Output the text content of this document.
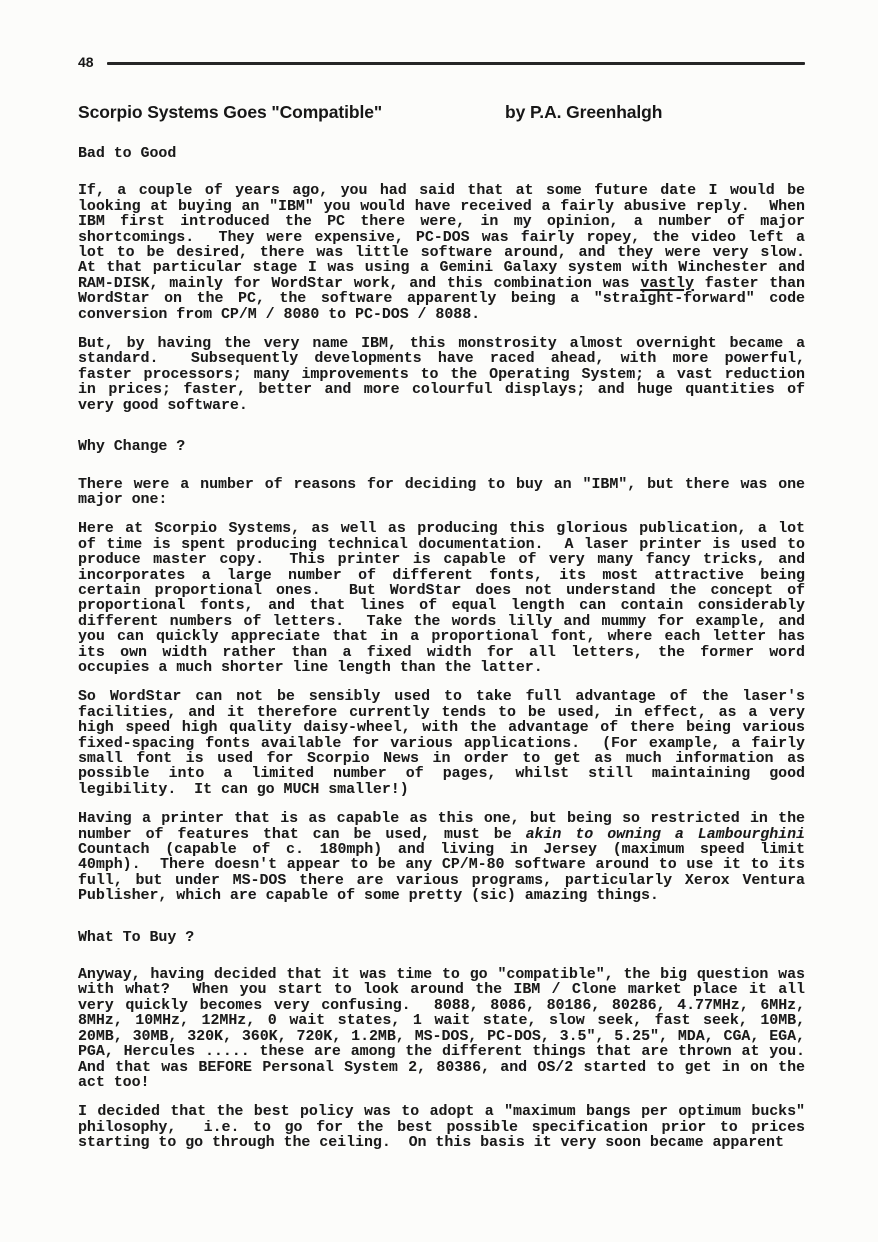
48
Scorpio Systems Goes "Compatible"	by P.A. Greenhalgh
Bad to Good
If, a couple of years ago, you had said that at some future date I would be
looking at buying an "IBM" you would have received a fairly abusive reply.  When
IBM first introduced the PC there were, in my opinion, a number of major
shortcomings.  They were expensive, PC-DOS was fairly ropey, the video left a
lot to be desired, there was little software around, and they were very slow.
At that particular stage I was using a Gemini Galaxy system with Winchester and
RAM-DISK, mainly for WordStar work, and this combination was vastly faster than
WordStar on the PC, the software apparently being a "straight-forward" code
conversion from CP/M / 8080 to PC-DOS / 8088.
But, by having the very name IBM, this monstrosity almost overnight became a
standard.  Subsequently developments have raced ahead, with more powerful,
faster processors; many improvements to the Operating System; a vast reduction
in prices; faster, better and more colourful displays; and huge quantities of
very good software.
Why Change ?
There were a number of reasons for deciding to buy an "IBM", but there was one
major one:
Here at Scorpio Systems, as well as producing this glorious publication, a lot
of time is spent producing technical documentation.  A laser printer is used to
produce master copy.  This printer is capable of very many fancy tricks, and
incorporates a large number of different fonts, its most attractive being
certain proportional ones.  But WordStar does not understand the concept of
proportional fonts, and that lines of equal length can contain considerably
different numbers of letters.  Take the words lilly and mummy for example, and
you can quickly appreciate that in a proportional font, where each letter has
its own width rather than a fixed width for all letters, the former word
occupies a much shorter line length than the latter.
So WordStar can not be sensibly used to take full advantage of the laser's
facilities, and it therefore currently tends to be used, in effect, as a very
high speed high quality daisy-wheel, with the advantage of there being various
fixed-spacing fonts available for various applications.  (For example, a fairly
small font is used for Scorpio News in order to get as much information as
possible into a limited number of pages, whilst still maintaining good
legibility.  It can go MUCH smaller!)
Having a printer that is as capable as this one, but being so restricted in the
number of features that can be used, must be akin to owning a Lambourghini
Countach (capable of c. 180mph) and living in Jersey (maximum speed limit
40mph).  There doesn't appear to be any CP/M-80 software around to use it to its
full, but under MS-DOS there are various programs, particularly Xerox Ventura
Publisher, which are capable of some pretty (sic) amazing things.
What To Buy ?
Anyway, having decided that it was time to go "compatible", the big question was
with what?  When you start to look around the IBM / Clone market place it all
very quickly becomes very confusing.  8088, 8086, 80186, 80286, 4.77MHz, 6MHz,
8MHz, 10MHz, 12MHz, 0 wait states, 1 wait state, slow seek, fast seek, 10MB,
20MB, 30MB, 320K, 360K, 720K, 1.2MB, MS-DOS, PC-DOS, 3.5", 5.25", MDA, CGA, EGA,
PGA, Hercules ..... these are among the different things that are thrown at you.
And that was BEFORE Personal System 2, 80386, and OS/2 started to get in on the
act too!
I decided that the best policy was to adopt a "maximum bangs per optimum bucks"
philosophy,  i.e. to go for the best possible specification prior to prices
starting to go through the ceiling.  On this basis it very soon became apparent
